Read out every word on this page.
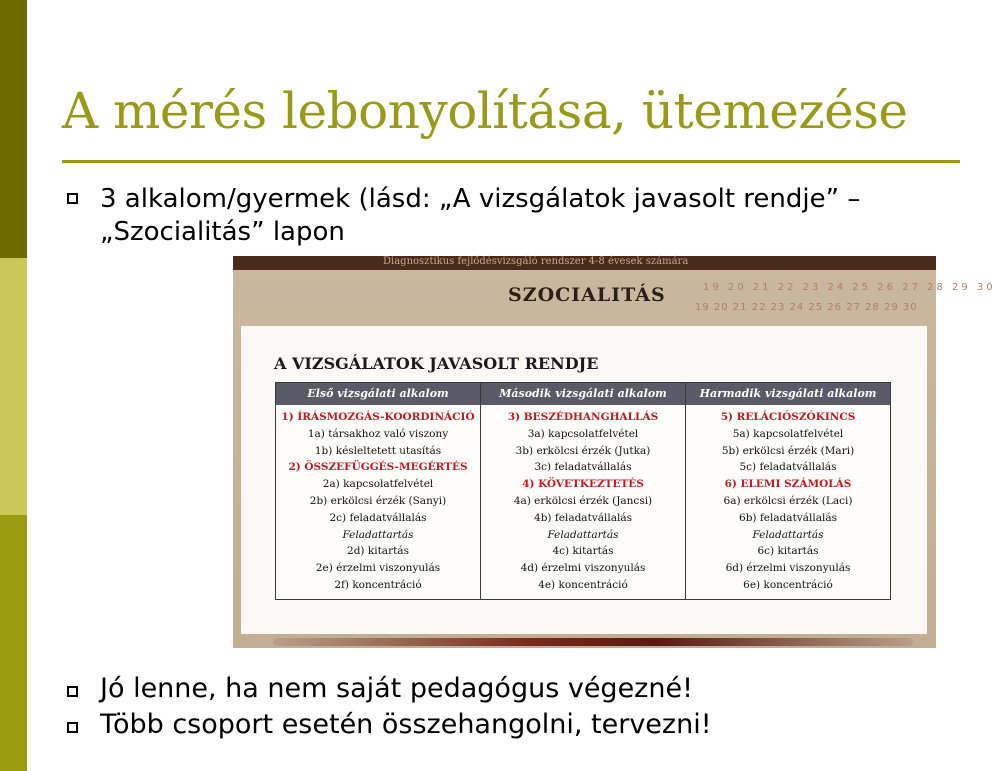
A mérés lebonyolítása, ütemezése
3 alkalom/gyermek (lásd: „A vizsgálatok javasolt rendje” –
„Szocialitás” lapon
Diagnosztikus fejlődésvizsgáló rendszer 4-8 évesek számára
SZOCIALITÁS	19 20 21 22 23 24 25 26 27 28 29 30
19 20 21 22 23 24 25 26 27 28 29 30
A VIZSGÁLATOK JAVASOLT RENDJE
Első vizsgálati alkalom
1) ÍRÁSMOZGÁS-KOORDINÁCIÓ
1a) társakhoz való viszony
1b) késleltetett utasítás
2) ÖSSZEFÜGGÉS-MEGÉRTÉS
2a) kapcsolatfelvétel
2b) erkölcsi érzék (Sanyi)
2c) feladatvállalás
Feladattartás
2d) kitartás
2e) érzelmi viszonyulás
2f) koncentráció
Második vizsgálati alkalom
3) BESZÉDHANGHALLÁS
3a) kapcsolatfelvétel
3b) erkölcsi érzék (Jutka)
3c) feladatvállalás
4) KÖVETKEZTETÉS
4a) erkölcsi érzék (Jancsi)
4b) feladatvállalás
Feladattartás
4c) kitartás
4d) érzelmi viszonyulás
4e) koncentráció
Harmadik vizsgálati alkalom
5) RELÁCIÓSZÓKINCS
5a) kapcsolatfelvétel
5b) erkölcsi érzék (Mari)
5c) feladatvállalás
6) ELEMI SZÁMOLÁS
6a) erkölcsi érzék (Laci)
6b) feladatvállalás
Feladattartás
6c) kitartás
6d) érzelmi viszonyulás
6e) koncentráció
Jó lenne, ha nem saját pedagógus végezné!
Több csoport esetén összehangolni, tervezni!
